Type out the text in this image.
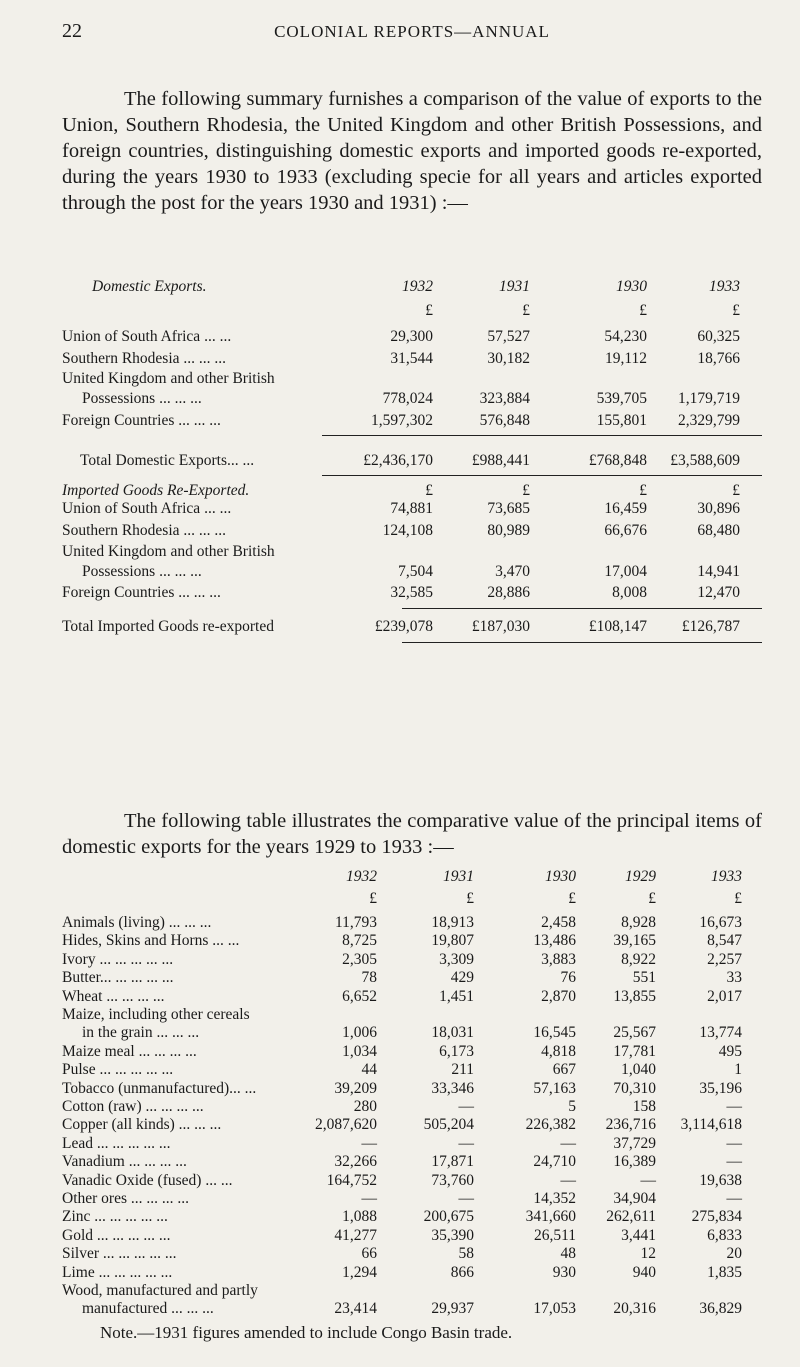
22	COLONIAL REPORTS—ANNUAL
The following summary furnishes a comparison of the value of exports to the Union, Southern Rhodesia, the United Kingdom and other British Possessions, and foreign countries, distinguishing domestic exports and imported goods re-exported, during the years 1930 to 1933 (excluding specie for all years and articles exported through the post for the years 1930 and 1931) :—
Domestic Exports.	1932	1931	1930	1933
£	£	£	£
Union of South Africa ... ...	29,300	57,527	54,230	60,325
Southern Rhodesia ... ... ...	31,544	30,182	19,112	18,766
United Kingdom and other British
Possessions ... ... ...	778,024	323,884	539,705	1,179,719
Foreign Countries ... ... ...	1,597,302	576,848	155,801	2,329,799
Total Domestic Exports... ...	£2,436,170	£988,441	£768,848	£3,588,609
Imported Goods Re-Exported.	£	£	£	£
Union of South Africa ... ...	74,881	73,685	16,459	30,896
Southern Rhodesia ... ... ...	124,108	80,989	66,676	68,480
United Kingdom and other British
Possessions ... ... ...	7,504	3,470	17,004	14,941
Foreign Countries ... ... ...	32,585	28,886	8,008	12,470
Total Imported Goods re-exported	£239,078	£187,030	£108,147	£126,787
The following table illustrates the comparative value of the principal items of domestic exports for the years 1929 to 1933 :—
1932	1931	1930	1929	1933
£	£	£	£	£
Animals (living) ... ... ...	11,793	18,913	2,458	8,928	16,673
Hides, Skins and Horns ... ...	8,725	19,807	13,486	39,165	8,547
Ivory ... ... ... ... ...	2,305	3,309	3,883	8,922	2,257
Butter... ... ... ... ...	78	429	76	551	33
Wheat ... ... ... ...	6,652	1,451	2,870	13,855	2,017
Maize, including other cereals
in the grain ... ... ...	1,006	18,031	16,545	25,567	13,774
Maize meal ... ... ... ...	1,034	6,173	4,818	17,781	495
Pulse ... ... ... ... ...	44	211	667	1,040	1
Tobacco (unmanufactured)... ...	39,209	33,346	57,163	70,310	35,196
Cotton (raw) ... ... ... ...	280	—	5	158	—
Copper (all kinds) ... ... ...	2,087,620	505,204	226,382	236,716	3,114,618
Lead ... ... ... ... ...	—	—	—	37,729	—
Vanadium ... ... ... ...	32,266	17,871	24,710	16,389	—
Vanadic Oxide (fused) ... ...	164,752	73,760	—	—	19,638
Other ores ... ... ... ...	—	—	14,352	34,904	—
Zinc ... ... ... ... ...	1,088	200,675	341,660	262,611	275,834
Gold ... ... ... ... ...	41,277	35,390	26,511	3,441	6,833
Silver ... ... ... ... ...	66	58	48	12	20
Lime ... ... ... ... ...	1,294	866	930	940	1,835
Wood, manufactured and partly
manufactured ... ... ...	23,414	29,937	17,053	20,316	36,829
Note.—1931 figures amended to include Congo Basin trade.
